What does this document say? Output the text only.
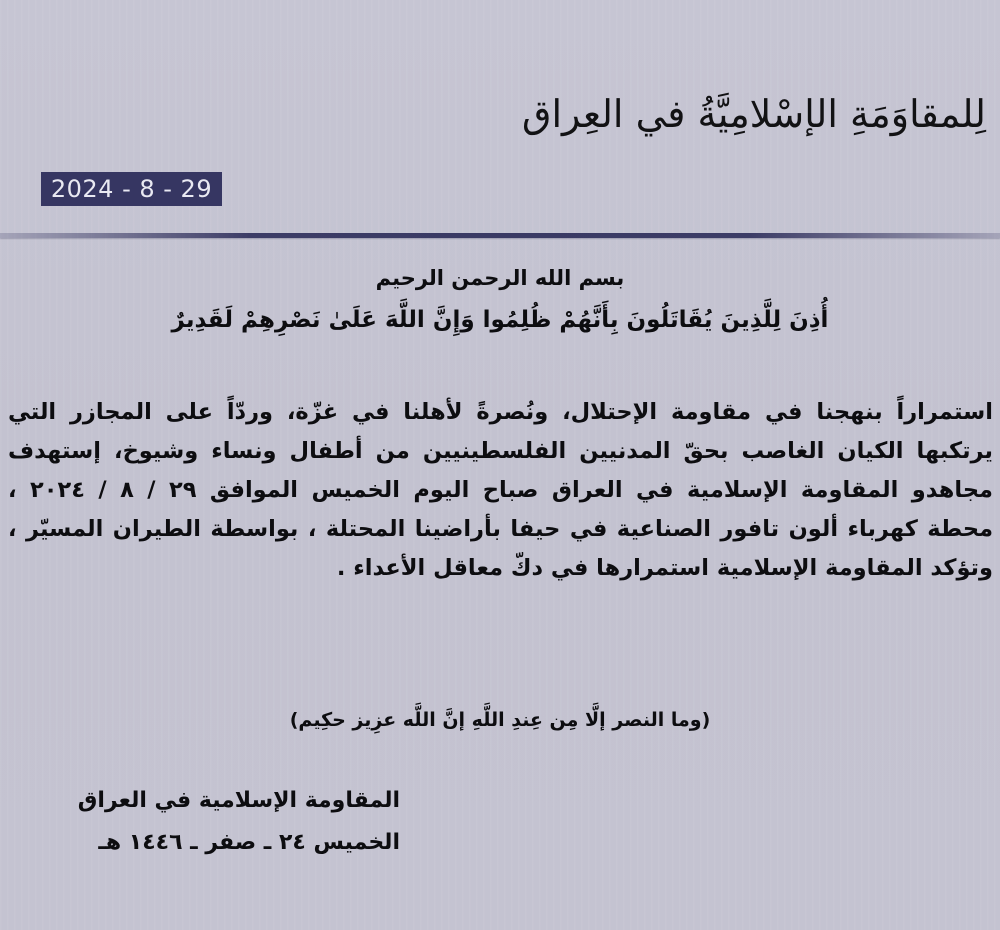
لِلمقاوَمَةِ الإسْلامِيَّةُ في العِراق
2024 - 8 - 29
بسم الله الرحمن الرحيم
أُذِنَ لِلَّذِينَ يُقَاتَلُونَ بِأَنَّهُمْ ظُلِمُوا وَإِنَّ اللَّهَ عَلَىٰ نَصْرِهِمْ لَقَدِيرٌ
استمراراً بنهجنا في مقاومة الإحتلال، ونُصرةً لأهلنا في غزّة، وردّاً على المجازر التي
يرتكبها الكيان الغاصب بحقّ المدنيين الفلسطينيين من أطفال ونساء وشيوخ، إستهدف
مجاهدو المقاومة الإسلامية في العراق صباح اليوم الخميس الموافق ٢٩ / ٨ / ٢٠٢٤ ،
محطة كهرباء ألون تافور الصناعية في حيفا بأراضينا المحتلة ، بواسطة الطيران المسيّر ،
وتؤكد المقاومة الإسلامية استمرارها في دكّ معاقل الأعداء .
(وما النصر إلَّا مِن عِندِ اللَّهِ إنَّ اللَّه عزِيز حكِيم)
المقاومة الإسلامية في العراق
الخميس ٢٤ ـ صفر ـ ١٤٤٦ هـ
